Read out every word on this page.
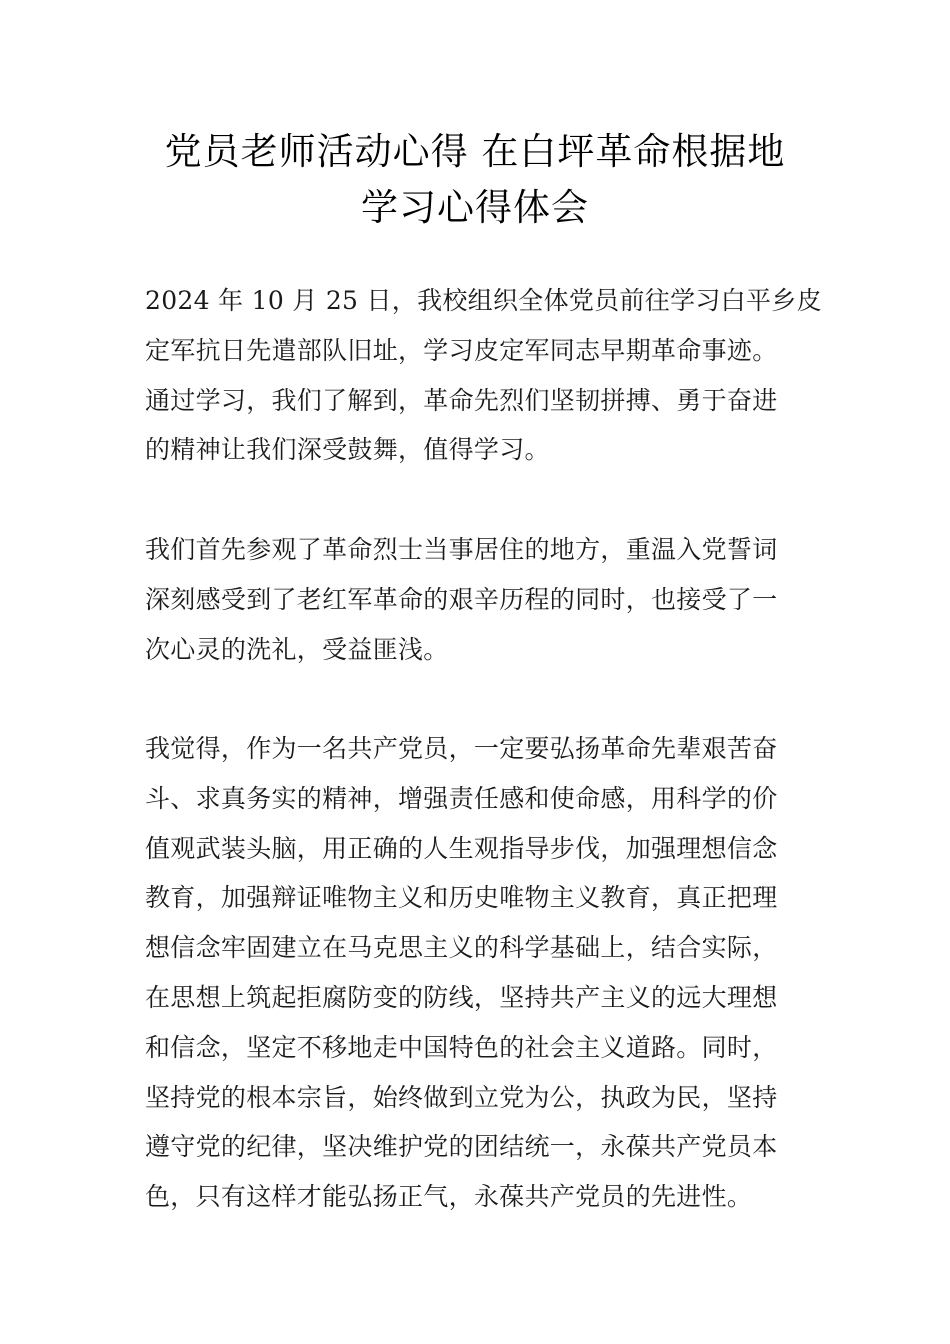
党员老师活动心得 在白坪革命根据地
学习心得体会

2024 年 10 月 25 日，我校组织全体党员前往学习白平乡皮
定军抗日先遣部队旧址，学习皮定军同志早期革命事迹。
通过学习，我们了解到，革命先烈们坚韧拼搏、勇于奋进
的精神让我们深受鼓舞，值得学习。

我们首先参观了革命烈士当事居住的地方，重温入党誓词
深刻感受到了老红军革命的艰辛历程的同时，也接受了一
次心灵的洗礼，受益匪浅。

我觉得，作为一名共产党员，一定要弘扬革命先辈艰苦奋
斗、求真务实的精神，增强责任感和使命感，用科学的价
值观武装头脑，用正确的人生观指导步伐，加强理想信念
教育，加强辩证唯物主义和历史唯物主义教育，真正把理
想信念牢固建立在马克思主义的科学基础上，结合实际，
在思想上筑起拒腐防变的防线，坚持共产主义的远大理想
和信念，坚定不移地走中国特色的社会主义道路。同时，
坚持党的根本宗旨，始终做到立党为公，执政为民，坚持
遵守党的纪律，坚决维护党的团结统一，永葆共产党员本
色，只有这样才能弘扬正气，永葆共产党员的先进性。
